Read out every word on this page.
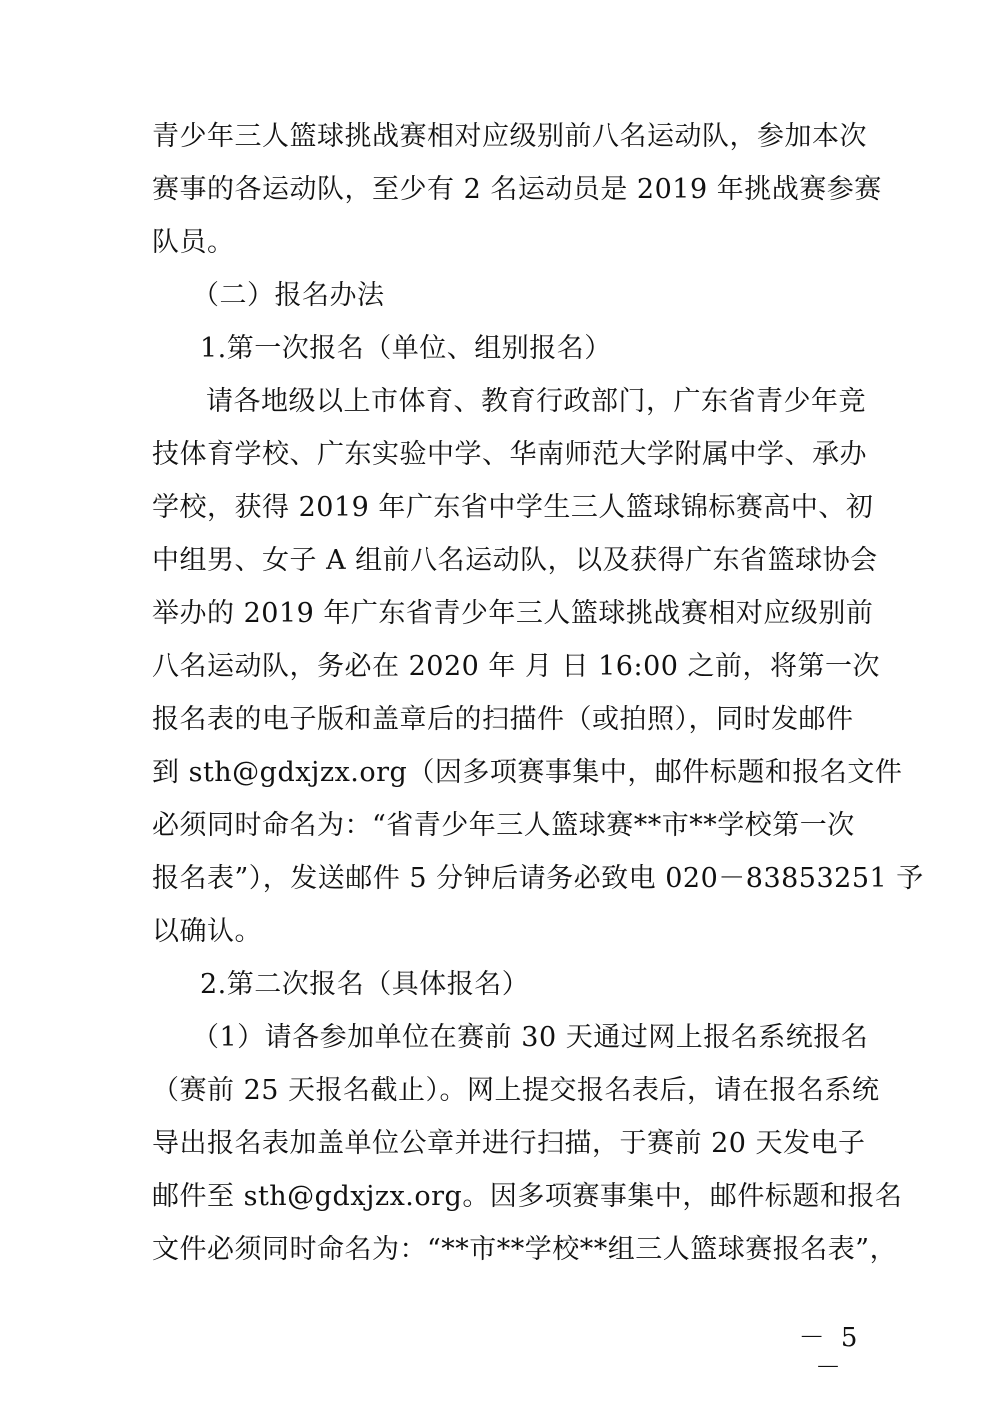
青少年三人篮球挑战赛相对应级别前八名运动队，参加本次
赛事的各运动队，至少有 2 名运动员是 2019 年挑战赛参赛
队员。
（二）报名办法
1.第一次报名（单位、组别报名）
请各地级以上市体育、教育行政部门，广东省青少年竞
技体育学校、广东实验中学、华南师范大学附属中学、承办
学校，获得 2019 年广东省中学生三人篮球锦标赛高中、初
中组男、女子 A 组前八名运动队，以及获得广东省篮球协会
举办的 2019 年广东省青少年三人篮球挑战赛相对应级别前
八名运动队，务必在 2020 年 月 日 16:00 之前，将第一次
报名表的电子版和盖章后的扫描件（或拍照），同时发邮件
到 sth@gdxjzx.org（因多项赛事集中，邮件标题和报名文件
必须同时命名为：“省青少年三人篮球赛**市**学校第一次
报名表”），发送邮件 5 分钟后请务必致电 020－83853251 予
以确认。
2.第二次报名（具体报名）
（1）请各参加单位在赛前 30 天通过网上报名系统报名
（赛前 25 天报名截止）。网上提交报名表后，请在报名系统
导出报名表加盖单位公章并进行扫描，于赛前 20 天发电子
邮件至 sth@gdxjzx.org。因多项赛事集中，邮件标题和报名
文件必须同时命名为：“**市**学校**组三人篮球赛报名表”，
－ 5 －
